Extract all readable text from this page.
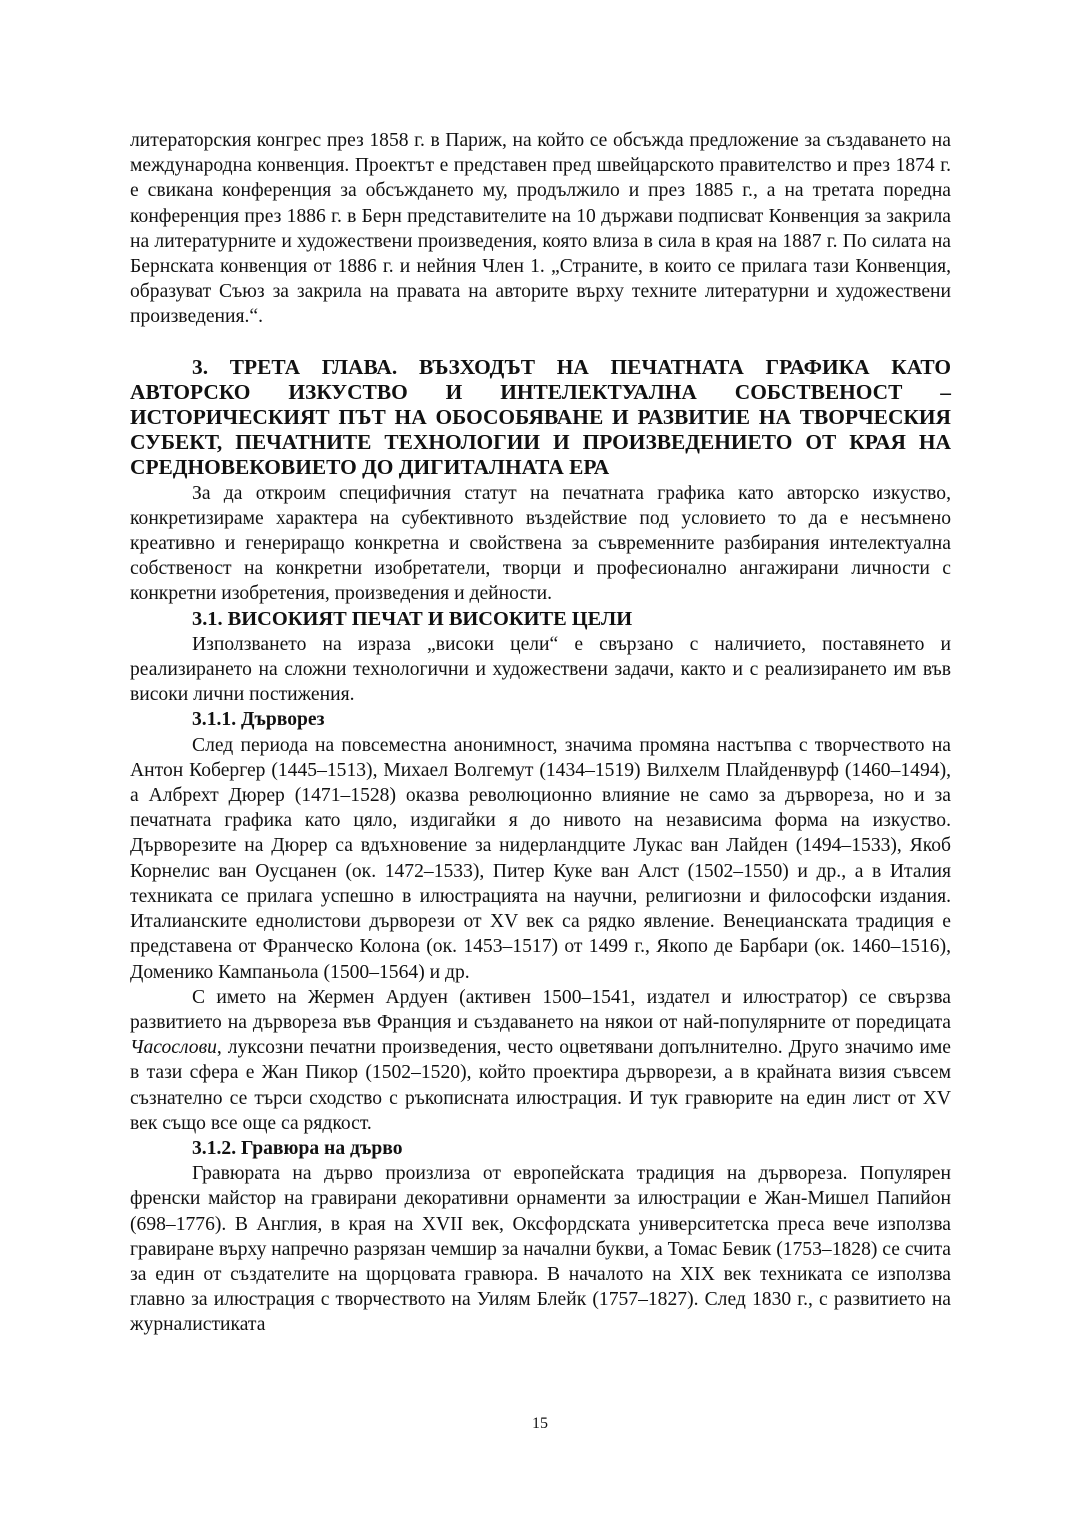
литераторския конгрес през 1858 г. в Париж, на който се обсъжда предложение за създаването на международна конвенция. Проектът е представен пред швейцарското правителство и през 1874 г. е свикана конференция за обсъждането му, продължило и през 1885 г., а на третата поредна конференция през 1886 г. в Берн представителите на 10 държави подписват Конвенция за закрила на литературните и художествени произведения, която влиза в сила в края на 1887 г. По силата на Бернската конвенция от 1886 г. и нейния Член 1. „Страните, в които се прилага тази Конвенция, образуват Съюз за закрила на правата на авторите върху техните литературни и художествени произведения.“.

3. ТРЕТА ГЛАВА. ВЪЗХОДЪТ НА ПЕЧАТНАТА ГРАФИКА КАТО АВТОРСКО ИЗКУСТВО И ИНТЕЛЕКТУАЛНА СОБСТВЕНОСТ – ИСТОРИЧЕСКИЯТ ПЪТ НА ОБОСОБЯВАНЕ И РАЗВИТИЕ НА ТВОРЧЕСКИЯ СУБЕКТ, ПЕЧАТНИТЕ ТЕХНОЛОГИИ И ПРОИЗВЕДЕНИЕТО ОТ КРАЯ НА СРЕДНОВЕКОВИЕТО ДО ДИГИТАЛНАТА ЕРА

За да откроим специфичния статут на печатната графика като авторско изкуство, конкретизираме характера на субективното въздействие под условието то да е несъмнено креативно и генериращо конкретна и свойствена за съвременните разбирания интелектуална собственост на конкретни изобретатели, творци и професионално ангажирани личности с конкретни изобретения, произведения и дейности.

3.1. ВИСОКИЯТ ПЕЧАТ И ВИСОКИТЕ ЦЕЛИ

Използването на израза „високи цели“ е свързано с наличието, поставянето и реализирането на сложни технологични и художествени задачи, както и с реализирането им във високи лични постижения.

3.1.1. Дърворез

След периода на повсеместна анонимност, значима промяна настъпва с творчеството на Антон Кобергер (1445–1513), Михаел Волгемут (1434–1519) Вилхелм Плайденвурф (1460–1494), а Албрехт Дюрер (1471–1528) оказва революционно влияние не само за дърворезa, но и за печатната графика като цяло, издигайки я до нивото на независима форма на изкуство. Дърворезите на Дюрер са вдъхновение за нидерландците Лукас ван Лайден (1494–1533), Якоб Корнелис ван Оусцанен (ок. 1472–1533), Питер Куке ван Алст (1502–1550) и др., а в Италия техниката се прилага успешно в илюстрацията на научни, религиозни и философски издания. Италианските еднолистови дърворези от XV век са рядко явление. Венецианската традиция е представена от Франческо Колона (ок. 1453–1517) от 1499 г., Якопо де Барбари (ок. 1460–1516), Доменико Кампаньола (1500–1564) и др.

С името на Жермен Ардуен (активен 1500–1541, издател и илюстратор) се свързва развитието на дърворезa във Франция и създаването на някои от най-популярните от поредицата Часослови, луксозни печатни произведения, често оцветявани допълнително. Друго значимо име в тази сфера е Жан Пикор (1502–1520), който проектира дърворези, а в крайната визия съвсем съзнателно се търси сходство с ръкописната илюстрация. И тук гравюрите на един лист от XV век също все още са рядкост.

3.1.2. Гравюра на дърво

Гравюрата на дърво произлиза от европейската традиция на дърворезa. Популярен френски майстор на гравирани декоративни орнаменти за илюстрации е Жан-Мишел Папийон (698–1776). В Англия, в края на XVII век, Оксфордската университетска преса вече използва гравиране върху напречно разрязан чемшир за начални букви, а Томас Бевик (1753–1828) се счита за един от създателите на щорцовата гравюра. В началото на XIX век техниката се използва главно за илюстрация с творчеството на Уилям Блейк (1757–1827). След 1830 г., с развитието на журналистиката

15
